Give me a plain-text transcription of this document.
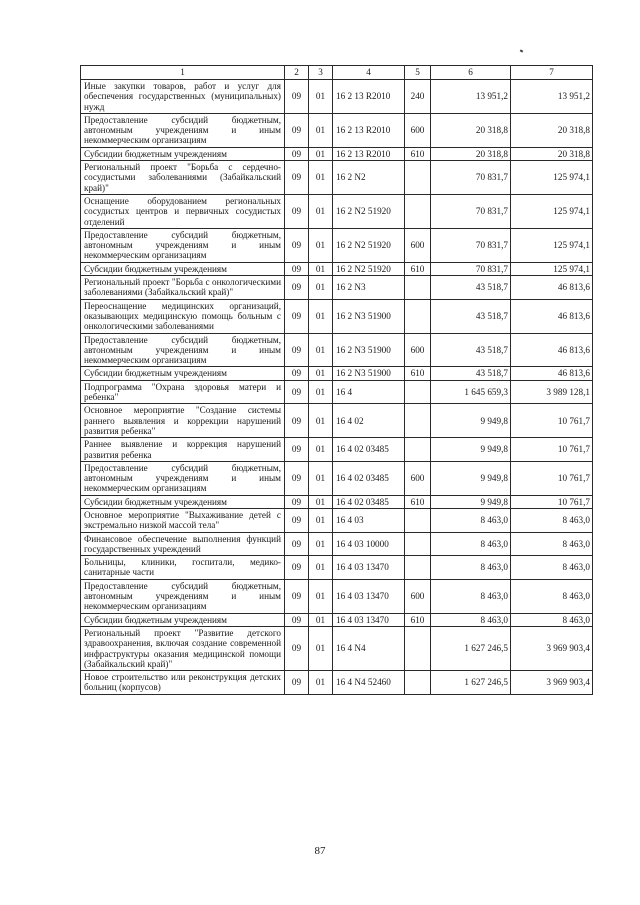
1	2	3	4	5	6	7
Иные закупки товаров, работ и услуг для обеспечения государственных (муниципальных) нужд	09	01	16 2 13 R2010	240	13 951,2	13 951,2
Предоставление субсидий бюджетным, автономным учреждениям и иным некоммерческим организациям	09	01	16 2 13 R2010	600	20 318,8	20 318,8
Субсидии бюджетным учреждениям	09	01	16 2 13 R2010	610	20 318,8	20 318,8
Региональный проект "Борьба с сердечно-сосудистыми заболеваниями (Забайкальский край)"	09	01	16 2 N2		70 831,7	125 974,1
Оснащение оборудованием региональных сосудистых центров и первичных сосудистых отделений	09	01	16 2 N2 51920		70 831,7	125 974,1
Предоставление субсидий бюджетным, автономным учреждениям и иным некоммерческим организациям	09	01	16 2 N2 51920	600	70 831,7	125 974,1
Субсидии бюджетным учреждениям	09	01	16 2 N2 51920	610	70 831,7	125 974,1
Региональный проект "Борьба с онкологическими заболеваниями (Забайкальский край)"	09	01	16 2 N3		43 518,7	46 813,6
Переоснащение медицинских организаций, оказывающих медицинскую помощь больным с онкологическими заболеваниями	09	01	16 2 N3 51900		43 518,7	46 813,6
Предоставление субсидий бюджетным, автономным учреждениям и иным некоммерческим организациям	09	01	16 2 N3 51900	600	43 518,7	46 813,6
Субсидии бюджетным учреждениям	09	01	16 2 N3 51900	610	43 518,7	46 813,6
Подпрограмма "Охрана здоровья матери и ребенка"	09	01	16 4		1 645 659,3	3 989 128,1
Основное мероприятие "Создание системы раннего выявления и коррекции нарушений развития ребенка"	09	01	16 4 02		9 949,8	10 761,7
Раннее выявление и коррекция нарушений развития ребенка	09	01	16 4 02 03485		9 949,8	10 761,7
Предоставление субсидий бюджетным, автономным учреждениям и иным некоммерческим организациям	09	01	16 4 02 03485	600	9 949,8	10 761,7
Субсидии бюджетным учреждениям	09	01	16 4 02 03485	610	9 949,8	10 761,7
Основное мероприятие "Выхаживание детей с экстремально низкой массой тела"	09	01	16 4 03		8 463,0	8 463,0
Финансовое обеспечение выполнения функций государственных учреждений	09	01	16 4 03 10000		8 463,0	8 463,0
Больницы, клиники, госпитали, медико-санитарные части	09	01	16 4 03 13470		8 463,0	8 463,0
Предоставление субсидий бюджетным, автономным учреждениям и иным некоммерческим организациям	09	01	16 4 03 13470	600	8 463,0	8 463,0
Субсидии бюджетным учреждениям	09	01	16 4 03 13470	610	8 463,0	8 463,0
Региональный проект "Развитие детского здравоохранения, включая создание современной инфраструктуры оказания медицинской помощи (Забайкальский край)"	09	01	16 4 N4		1 627 246,5	3 969 903,4
Новое строительство или реконструкция детских больниц (корпусов)	09	01	16 4 N4 52460		1 627 246,5	3 969 903,4
87
